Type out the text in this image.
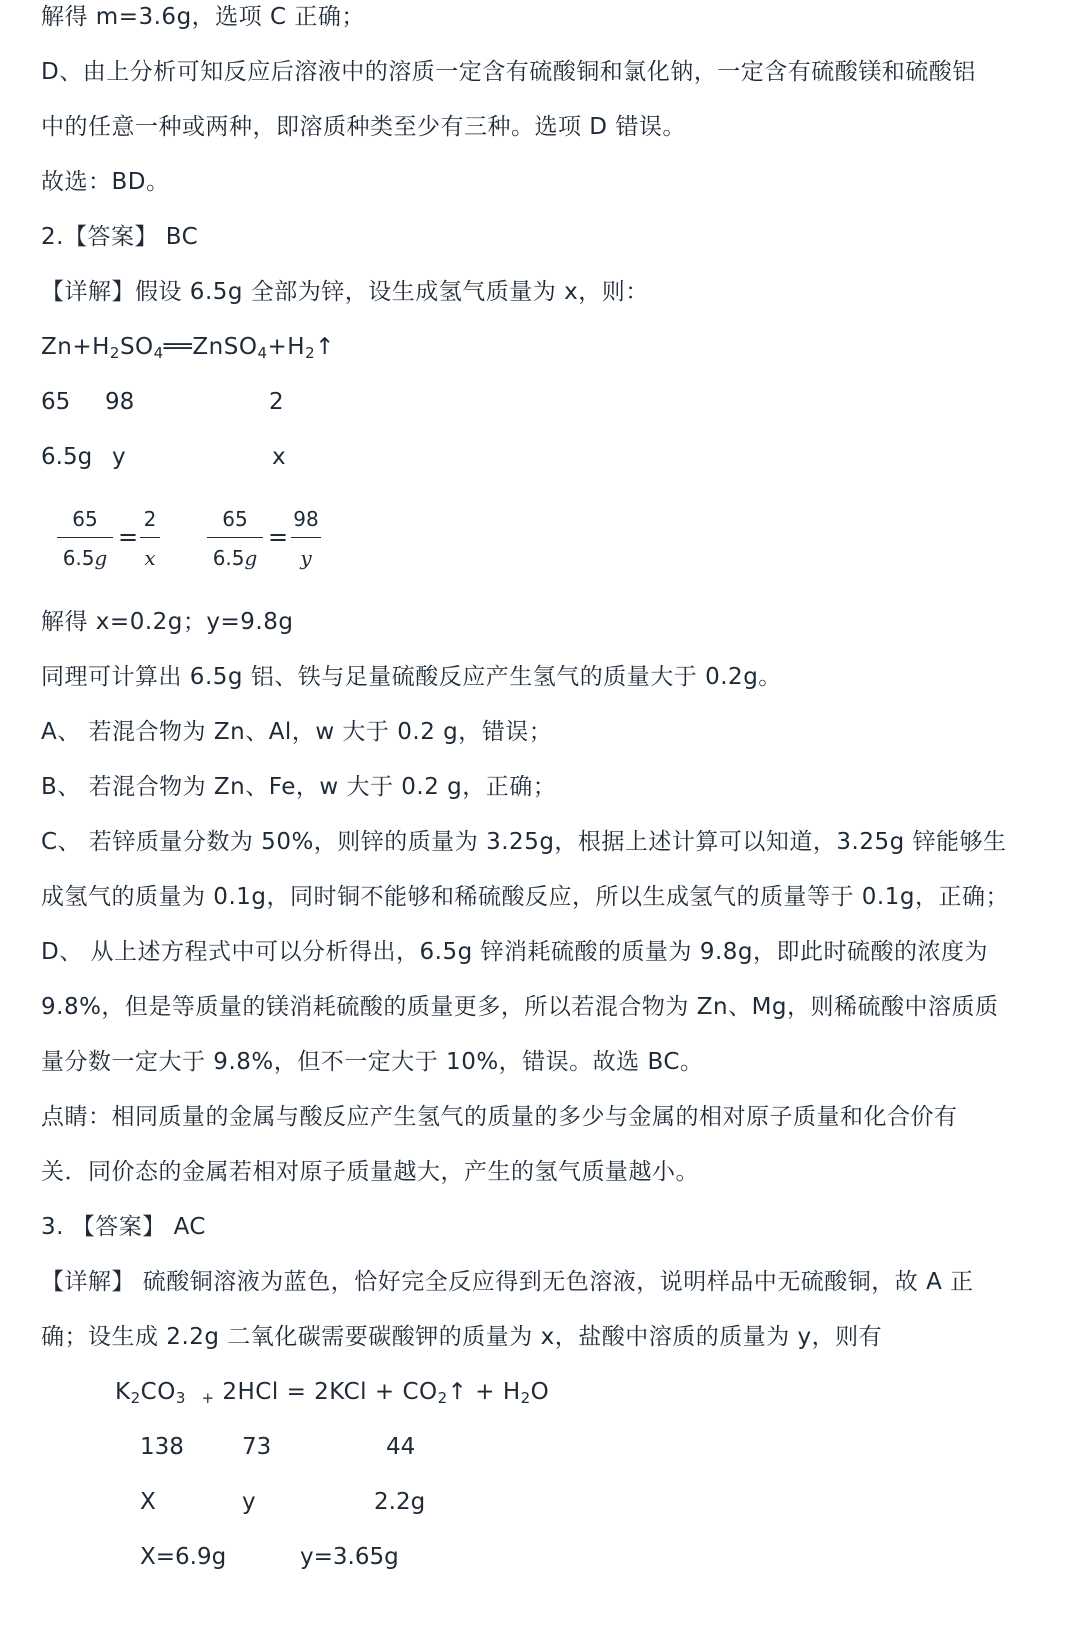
解得 m=3.6g，选项 C 正确；
D、由上分析可知反应后溶液中的溶质一定含有硫酸铜和氯化钠，一定含有硫酸镁和硫酸铝
中的任意一种或两种，即溶质种类至少有三种。选项 D 错误。
故选：BD。
2.【答案】 BC
【详解】假设 6.5g 全部为锌，设生成氢气质量为 x，则：
$Zn+H_2SO_4══ZnSO_4+H_2↑$
65 98	2
6.5g y	x
65
6.5g
=
2
x
65
6.5g
=
98
y
解得 x=0.2g；y=9.8g
同理可计算出 6.5g 铝、铁与足量硫酸反应产生氢气的质量大于 0.2g。
A、 若混合物为 Zn、Al，w 大于 0.2 g，错误；
B、 若混合物为 Zn、Fe，w 大于 0.2 g，正确；
C、 若锌质量分数为 50%，则锌的质量为 3.25g，根据上述计算可以知道，3.25g 锌能够生
成氢气的质量为 0.1g，同时铜不能够和稀硫酸反应，所以生成氢气的质量等于 0.1g，正确；
D、 从上述方程式中可以分析得出，6.5g 锌消耗硫酸的质量为 9.8g，即此时硫酸的浓度为
9.8%，但是等质量的镁消耗硫酸的质量更多，所以若混合物为 Zn、Mg，则稀硫酸中溶质质
量分数一定大于 9.8%，但不一定大于 10%，错误。故选 BC。
点睛：相同质量的金属与酸反应产生氢气的质量的多少与金属的相对原子质量和化合价有
关．同价态的金属若相对原子质量越大，产生的氢气质量越小。
3. 【答案】 AC
【详解】 硫酸铜溶液为蓝色，恰好完全反应得到无色溶液，说明样品中无硫酸铜，故 A 正
确；设生成 2.2g 二氧化碳需要碳酸钾的质量为 x，盐酸中溶质的质量为 y，则有
$K_2CO_3 + 2HCl = 2KCl$ + $CO_2↑ + H_2O$
138	73	44
X	y	2.2g
X=6.9g	y=3.65g
